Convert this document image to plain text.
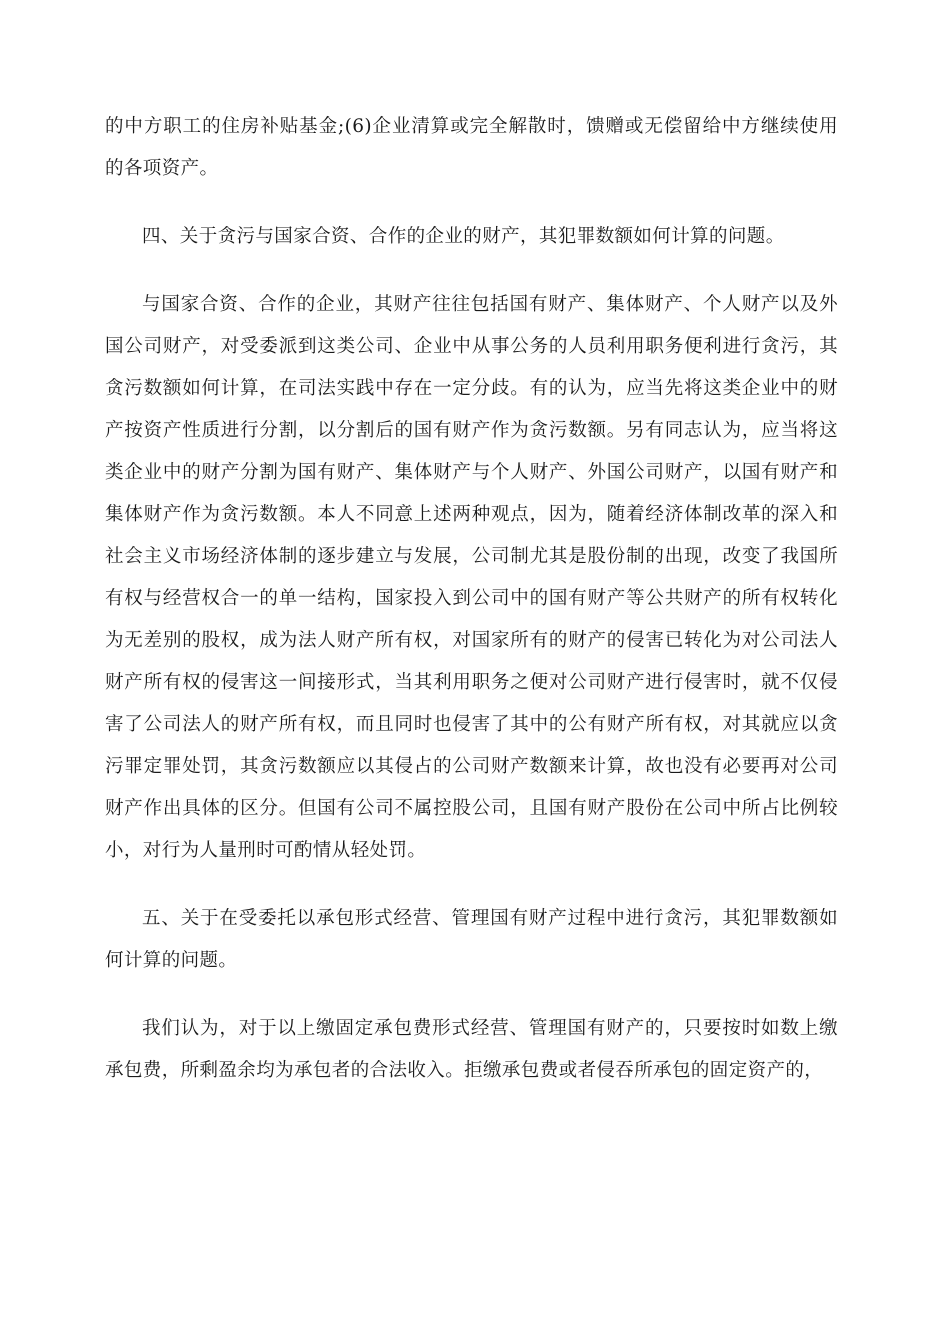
的中方职工的住房补贴基金;(6)企业清算或完全解散时，馈赠或无偿留给中方继续使用的各项资产。

四、关于贪污与国家合资、合作的企业的财产，其犯罪数额如何计算的问题。

与国家合资、合作的企业，其财产往往包括国有财产、集体财产、个人财产以及外国公司财产，对受委派到这类公司、企业中从事公务的人员利用职务便利进行贪污，其贪污数额如何计算，在司法实践中存在一定分歧。有的认为，应当先将这类企业中的财产按资产性质进行分割，以分割后的国有财产作为贪污数额。另有同志认为，应当将这类企业中的财产分割为国有财产、集体财产与个人财产、外国公司财产，以国有财产和集体财产作为贪污数额。本人不同意上述两种观点，因为，随着经济体制改革的深入和社会主义市场经济体制的逐步建立与发展，公司制尤其是股份制的出现，改变了我国所有权与经营权合一的单一结构，国家投入到公司中的国有财产等公共财产的所有权转化为无差别的股权，成为法人财产所有权，对国家所有的财产的侵害已转化为对公司法人财产所有权的侵害这一间接形式，当其利用职务之便对公司财产进行侵害时，就不仅侵害了公司法人的财产所有权，而且同时也侵害了其中的公有财产所有权，对其就应以贪污罪定罪处罚，其贪污数额应以其侵占的公司财产数额来计算，故也没有必要再对公司财产作出具体的区分。但国有公司不属控股公司，且国有财产股份在公司中所占比例较小，对行为人量刑时可酌情从轻处罚。

五、关于在受委托以承包形式经营、管理国有财产过程中进行贪污，其犯罪数额如何计算的问题。

我们认为，对于以上缴固定承包费形式经营、管理国有财产的，只要按时如数上缴承包费，所剩盈余均为承包者的合法收入。拒缴承包费或者侵吞所承包的固定资产的，
